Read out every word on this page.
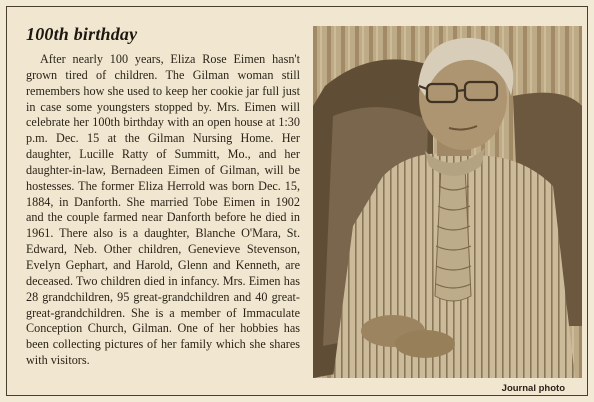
100th birthday

After nearly 100 years, Eliza Rose Eimen hasn't grown tired of children. The Gilman woman still remembers how she used to keep her cookie jar full just in case some youngsters stopped by. Mrs. Eimen will celebrate her 100th birthday with an open house at 1:30 p.m. Dec. 15 at the Gilman Nursing Home. Her daughter, Lucille Ratty of Summitt, Mo., and her daughter-in-law, Bernadeen Eimen of Gilman, will be hostesses. The former Eliza Herrold was born Dec. 15, 1884, in Danforth. She married Tobe Eimen in 1902 and the couple farmed near Danforth before he died in 1961. There also is a daughter, Blanche O'Mara, St. Edward, Neb. Other children, Genevieve Stevenson, Evelyn Gephart, and Harold, Glenn and Kenneth, are deceased. Two children died in infancy. Mrs. Eimen has 28 grandchildren, 95 great-grandchildren and 40 great-great-grandchildren. She is a member of Immaculate Conception Church, Gilman. One of her hobbies has been collecting pictures of her family which she shares with visitors.

Journal photo
